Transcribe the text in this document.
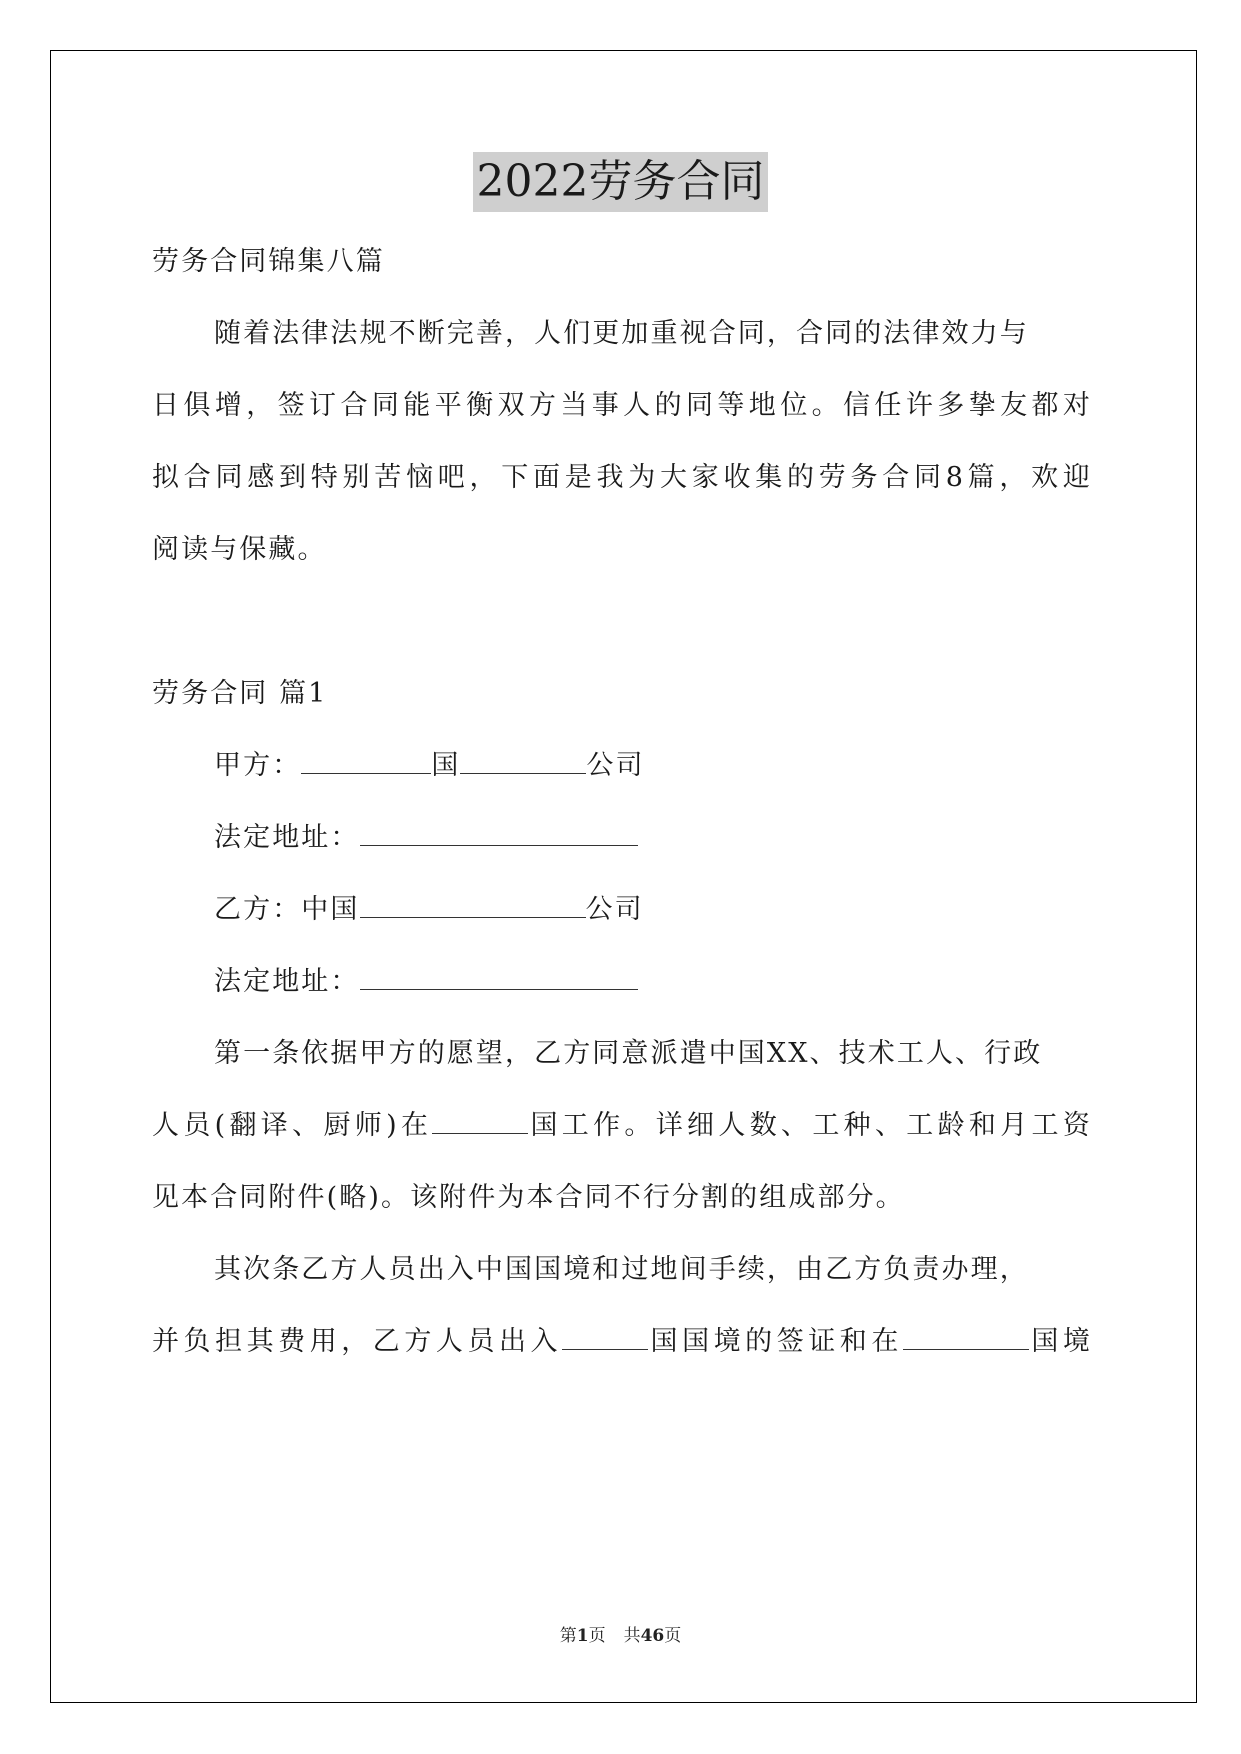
2022劳务合同
劳务合同锦集八篇
随着法律法规不断完善，人们更加重视合同，合同的法律效力与
日俱增，签订合同能平衡双方当事人的同等地位。信任许多挚友都对
拟合同感到特别苦恼吧，下面是我为大家收集的劳务合同8篇，欢迎
阅读与保藏。
劳务合同 篇1
甲方：	国	公司
法定地址：
乙方：中国	公司
法定地址：
第一条依据甲方的愿望，乙方同意派遣中国XX、技术工人、行政
人员(翻译、厨师)在	国工作。详细人数、工种、工龄和月工资
见本合同附件(略)。该附件为本合同不行分割的组成部分。
其次条乙方人员出入中国国境和过地间手续，由乙方负责办理，
并负担其费用，乙方人员出入	国国境的签证和在	国境
第1页 共46页
